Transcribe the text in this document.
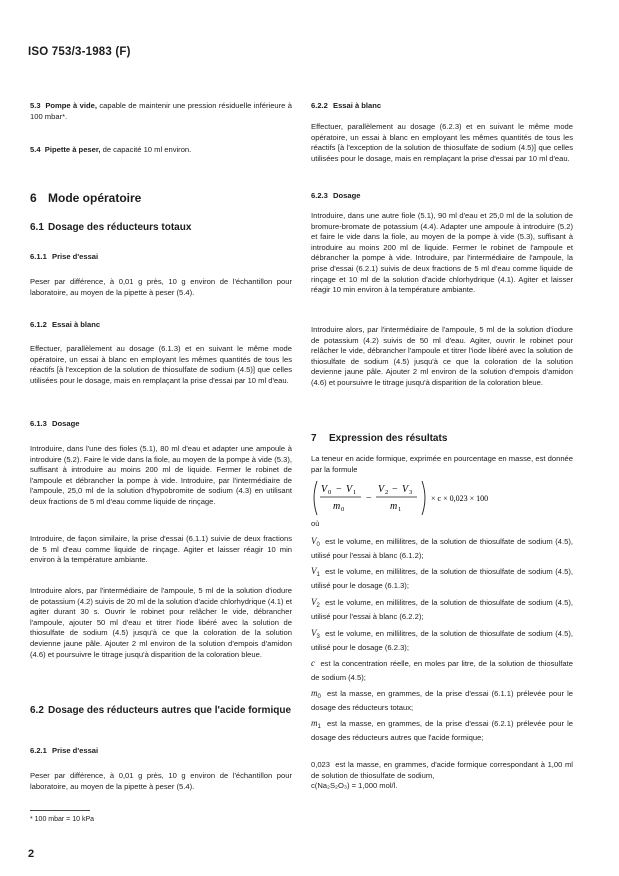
ISO 753/3-1983 (F)

5.3 Pompe à vide, capable de maintenir une pression résiduelle inférieure à 100 mbar*.

5.4 Pipette à peser, de capacité 10 ml environ.

6 Mode opératoire
6.1 Dosage des réducteurs totaux
6.1.1 Prise d'essai

Peser par différence, à 0,01 g près, 10 g environ de l'échantillon pour laboratoire, au moyen de la pipette à peser (5.4).

6.1.2 Essai à blanc

Effectuer, parallèlement au dosage (6.1.3) et en suivant le même mode opératoire, un essai à blanc en employant les mêmes quantités de tous les réactifs [à l'exception de la solution de thiosulfate de sodium (4.5)] que celles utilisées pour le dosage, mais en remplaçant la prise d'essai par 10 ml d'eau.

6.1.3 Dosage

Introduire, dans l'une des fioles (5.1), 80 ml d'eau et adapter une ampoule à introduire (5.2). Faire le vide dans la fiole, au moyen de la pompe à vide (5.3), suffisant à introduire au moins 200 ml de liquide. Fermer le robinet de l'ampoule et débrancher la pompe à vide. Introduire, par l'intermédiaire de l'ampoule, 25,0 ml de la solution d'hypobromite de sodium (4.3) en utilisant deux fractions de 5 ml d'eau comme liquide de rinçage.

Introduire, de façon similaire, la prise d'essai (6.1.1) suivie de deux fractions de 5 ml d'eau comme liquide de rinçage. Agiter et laisser réagir 10 min environ à la température ambiante.

Introduire alors, par l'intermédiaire de l'ampoule, 5 ml de la solution d'iodure de potassium (4.2) suivis de 20 ml de la solution d'acide chlorhydrique (4.1) et agiter durant 30 s. Ouvrir le robinet pour relâcher le vide, débrancher l'ampoule, ajouter 50 ml d'eau et titrer l'iode libéré avec la solution de thiosulfate de sodium (4.5) jusqu'à ce que la coloration de la solution devienne jaune pâle. Ajouter 2 ml environ de la solution d'empois d'amidon (4.6) et poursuivre le titrage jusqu'à disparition de la coloration bleue.

6.2 Dosage des réducteurs autres que l'acide formique
6.2.1 Prise d'essai

Peser par différence, à 0,01 g près, 10 g environ de l'échantillon pour laboratoire, au moyen de la pipette à peser (5.4).

6.2.2 Essai à blanc

Effectuer, parallèlement au dosage (6.2.3) et en suivant le même mode opératoire, un essai à blanc en employant les mêmes quantités de tous les réactifs [à l'exception de la solution de thiosulfate de sodium (4.5)] que celles utilisées pour le dosage, mais en remplaçant la prise d'essai par 10 ml d'eau.

6.2.3 Dosage

Introduire, dans une autre fiole (5.1), 90 ml d'eau et 25,0 ml de la solution de bromure-bromate de potassium (4.4). Adapter une ampoule à introduire (5.2) et faire le vide dans la fiole, au moyen de la pompe à vide (5.3), suffisant à introduire au moins 200 ml de liquide. Fermer le robinet de l'ampoule et débrancher la pompe à vide. Introduire, par l'intermédiaire de l'ampoule, la prise d'essai (6.2.1) suivis de deux fractions de 5 ml d'eau comme liquide de rinçage et 10 ml de la solution d'acide chlorhydrique (4.1). Agiter et laisser réagir 10 min environ à la température ambiante.

Introduire alors, par l'intermédiaire de l'ampoule, 5 ml de la solution d'iodure de potassium (4.2) suivis de 50 ml d'eau. Agiter, ouvrir le robinet pour relâcher le vide, débrancher l'ampoule et titrer l'iode libéré avec la solution de thiosulfate de sodium (4.5) jusqu'à ce que la coloration de la solution devienne jaune pâle. Ajouter 2 ml environ de la solution d'empois d'amidon (4.6) et poursuivre le titrage jusqu'à disparition de la coloration bleue.

7 Expression des résultats

La teneur en acide formique, exprimée en pourcentage en masse, est donnée par la formule

V 0 − V 1
m 0
−
V 2 − V 3
m 1
× c × 0,023 × 100
où

$V_0$ est le volume, en millilitres, de la solution de thiosulfate de sodium (4.5), utilisé pour l'essai à blanc (6.1.2);

$V_1$ est le volume, en millilitres, de la solution de thiosulfate de sodium (4.5), utilisé pour le dosage (6.1.3);

$V_2$ est le volume, en millilitres, de la solution de thiosulfate de sodium (4.5), utilisé pour l'essai à blanc (6.2.2);

$V_3$ est le volume, en millilitres, de la solution de thiosulfate de sodium (4.5), utilisé pour le dosage (6.2.3);

c est la concentration réelle, en moles par litre, de la solution de thiosulfate de sodium (4.5);

$m_0$ est la masse, en grammes, de la prise d'essai (6.1.1) prélevée pour le dosage des réducteurs totaux;

$m_1$ est la masse, en grammes, de la prise d'essai (6.2.1) prélevée pour le dosage des réducteurs autres que l'acide formique;

0,023 est la masse, en grammes, d'acide formique correspondant à 1,00 ml de solution de thiosulfate de sodium,
c(Na₂S₂O₃) = 1,000 mol/l.

* 100 mbar = 10 kPa
2
